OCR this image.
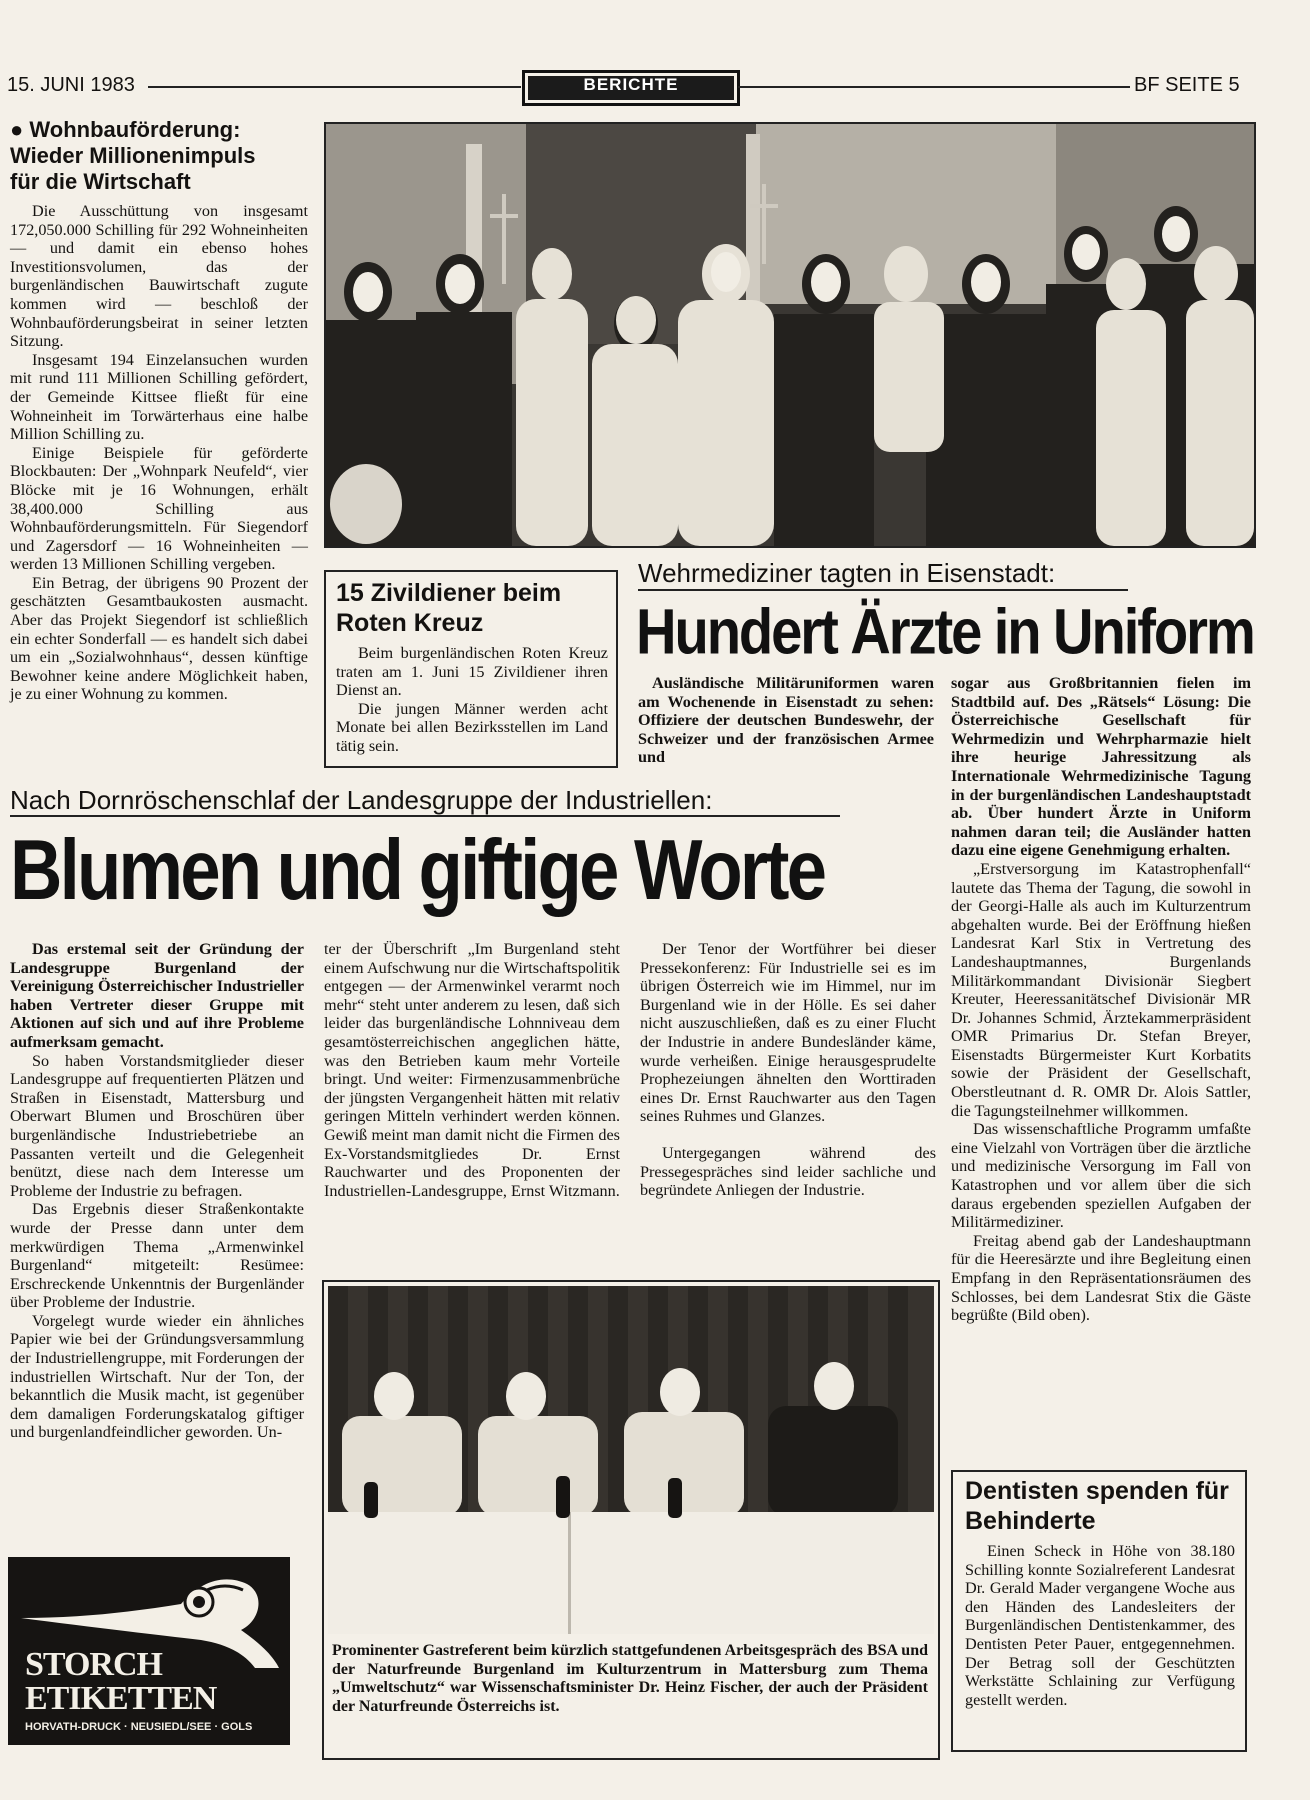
15. JUNI 1983	BERICHTE	BF SEITE 5
● Wohnbauförderung:
Wieder Millionenimpuls
für die Wirtschaft

Die Ausschüttung von insgesamt 172,050.000 Schilling für 292 Wohneinheiten — und damit ein ebenso hohes Investitionsvolumen, das der burgenländischen Bauwirtschaft zugute kommen wird — beschloß der Wohnbauförderungsbeirat in seiner letzten Sitzung.

Insgesamt 194 Einzelansuchen wurden mit rund 111 Millionen Schilling gefördert, der Gemeinde Kittsee fließt für eine Wohneinheit im Torwärterhaus eine halbe Million Schilling zu.

Einige Beispiele für geförderte Blockbauten: Der „Wohnpark Neufeld“, vier Blöcke mit je 16 Wohnungen, erhält 38,400.000 Schilling aus Wohnbauförderungsmitteln. Für Siegendorf und Zagersdorf — 16 Wohneinheiten — werden 13 Millionen Schilling vergeben.

Ein Betrag, der übrigens 90 Prozent der geschätzten Gesamtbaukosten ausmacht. Aber das Projekt Siegendorf ist schließlich ein echter Sonderfall — es handelt sich dabei um ein „Sozialwohnhaus“, dessen künftige Bewohner keine andere Möglichkeit haben, je zu einer Wohnung zu kommen.

15 Zivildiener beim Roten Kreuz

Beim burgenländischen Roten Kreuz traten am 1. Juni 15 Zivildiener ihren Dienst an.

Die jungen Männer werden acht Monate bei allen Bezirksstellen im Land tätig sein.

Wehrmediziner tagten in Eisenstadt:
Hundert Ärzte in Uniform

Ausländische Militäruniformen waren am Wochenende in Eisenstadt zu sehen: Offiziere der deutschen Bundeswehr, der Schweizer und der französischen Armee und

sogar aus Großbritannien fielen im Stadtbild auf. Des „Rätsels“ Lösung: Die Österreichische Gesellschaft für Wehrmedizin und Wehrpharmazie hielt ihre heurige Jahressitzung als Internationale Wehrmedizinische Tagung in der burgenländischen Landeshauptstadt ab. Über hundert Ärzte in Uniform nahmen daran teil; die Ausländer hatten dazu eine eigene Genehmigung erhalten.

„Erstversorgung im Katastrophenfall“ lautete das Thema der Tagung, die sowohl in der Georgi-Halle als auch im Kulturzentrum abgehalten wurde. Bei der Eröffnung hießen Landesrat Karl Stix in Vertretung des Landeshauptmannes, Burgenlands Militärkommandant Divisionär Siegbert Kreuter, Heeressanitätschef Divisionär MR Dr. Johannes Schmid, Ärztekammerpräsident OMR Primarius Dr. Stefan Breyer, Eisenstadts Bürgermeister Kurt Korbatits sowie der Präsident der Gesellschaft, Oberstleutnant d. R. OMR Dr. Alois Sattler, die Tagungsteilnehmer willkommen.

Das wissenschaftliche Programm umfaßte eine Vielzahl von Vorträgen über die ärztliche und medizinische Versorgung im Fall von Katastrophen und vor allem über die sich daraus ergebenden speziellen Aufgaben der Militärmediziner.

Freitag abend gab der Landeshauptmann für die Heeresärzte und ihre Begleitung einen Empfang in den Repräsentationsräumen des Schlosses, bei dem Landesrat Stix die Gäste begrüßte (Bild oben).

Nach Dornröschenschlaf der Landesgruppe der Industriellen:
Blumen und giftige Worte

Das erstemal seit der Gründung der Landesgruppe Burgenland der Vereinigung Österreichischer Industrieller haben Vertreter dieser Gruppe mit Aktionen auf sich und auf ihre Probleme aufmerksam gemacht.

So haben Vorstandsmitglieder dieser Landesgruppe auf frequentierten Plätzen und Straßen in Eisenstadt, Mattersburg und Oberwart Blumen und Broschüren über burgenländische Industriebetriebe an Passanten verteilt und die Gelegenheit benützt, diese nach dem Interesse um Probleme der Industrie zu befragen.

Das Ergebnis dieser Straßenkontakte wurde der Presse dann unter dem merkwürdigen Thema „Armenwinkel Burgenland“ mitgeteilt: Resümee: Erschreckende Unkenntnis der Burgenländer über Probleme der Industrie.

Vorgelegt wurde wieder ein ähnliches Papier wie bei der Gründungsversammlung der Industriellengruppe, mit Forderungen der industriellen Wirtschaft. Nur der Ton, der bekanntlich die Musik macht, ist gegenüber dem damaligen Forderungskatalog giftiger und burgenlandfeindlicher geworden. Un-

ter der Überschrift „Im Burgenland steht einem Aufschwung nur die Wirtschaftspolitik entgegen — der Armenwinkel verarmt noch mehr“ steht unter anderem zu lesen, daß sich leider das burgenländische Lohnniveau dem gesamtösterreichischen angeglichen hätte, was den Betrieben kaum mehr Vorteile bringt. Und weiter: Firmenzusammenbrüche der jüngsten Vergangenheit hätten mit relativ geringen Mitteln verhindert werden können. Gewiß meint man damit nicht die Firmen des Ex-Vorstandsmitgliedes Dr. Ernst Rauchwarter und des Proponenten der Industriellen-Landesgruppe, Ernst Witzmann.

Der Tenor der Wortführer bei dieser Pressekonferenz: Für Industrielle sei es im übrigen Österreich wie im Himmel, nur im Burgenland wie in der Hölle. Es sei daher nicht auszuschließen, daß es zu einer Flucht der Industrie in andere Bundesländer käme, wurde verheißen. Einige herausgesprudelte Prophezeiungen ähnelten den Worttiraden eines Dr. Ernst Rauchwarter aus den Tagen seines Ruhmes und Glanzes.

Untergegangen während des Pressegespräches sind leider sachliche und begründete Anliegen der Industrie.

Prominenter Gastreferent beim kürzlich stattgefundenen Arbeitsgespräch des BSA und der Naturfreunde Burgenland im Kulturzentrum in Mattersburg zum Thema „Umweltschutz“ war Wissenschaftsminister Dr. Heinz Fischer, der auch der Präsident der Naturfreunde Österreichs ist.
Dentisten spenden für Behinderte

Einen Scheck in Höhe von 38.180 Schilling konnte Sozialreferent Landesrat Dr. Gerald Mader vergangene Woche aus den Händen des Landesleiters der Burgenländischen Dentistenkammer, des Dentisten Peter Pauer, entgegennehmen. Der Betrag soll der Geschützten Werkstätte Schlaining zur Verfügung gestellt werden.

STORCH
ETIKETTEN
HORVATH-DRUCK · NEUSIEDL/SEE · GOLS
